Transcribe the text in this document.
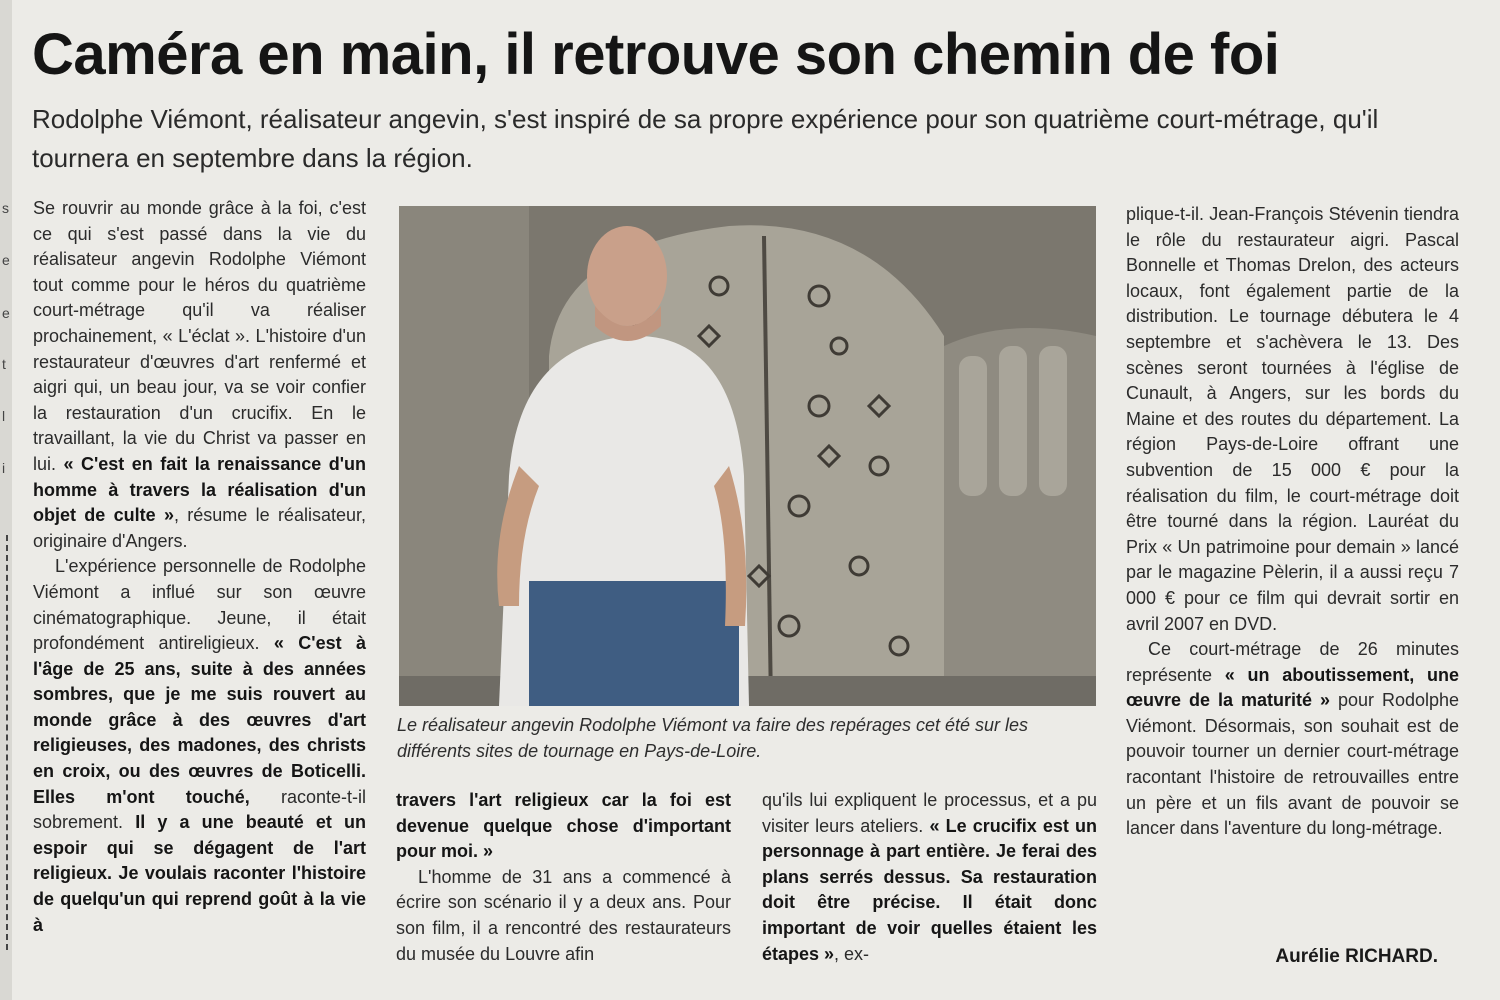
s
e
e
t
l
i
Caméra en main, il retrouve son chemin de foi
Rodolphe Viémont, réalisateur angevin, s'est inspiré de sa propre expérience pour son quatrième court-métrage, qu'il tournera en septembre dans la région.

Se rouvrir au monde grâce à la foi, c'est ce qui s'est passé dans la vie du réalisateur angevin Rodolphe Viémont tout comme pour le héros du quatrième court-métrage qu'il va réaliser prochainement, « L'éclat ». L'histoire d'un restaurateur d'œuvres d'art renfermé et aigri qui, un beau jour, va se voir confier la restauration d'un crucifix. En le travaillant, la vie du Christ va passer en lui. « C'est en fait la renaissance d'un homme à travers la réalisation d'un objet de culte », résume le réalisateur, originaire d'Angers.

L'expérience personnelle de Rodolphe Viémont a influé sur son œuvre cinématographique. Jeune, il était profondément antireligieux. « C'est à l'âge de 25 ans, suite à des années sombres, que je me suis rouvert au monde grâce à des œuvres d'art religieuses, des madones, des christs en croix, ou des œuvres de Boticelli. Elles m'ont touché, raconte-t-il sobrement. Il y a une beauté et un espoir qui se dégagent de l'art religieux. Je voulais raconter l'histoire de quelqu'un qui reprend goût à la vie à

Le réalisateur angevin Rodolphe Viémont va faire des repérages cet été sur les différents sites de tournage en Pays-de-Loire.

travers l'art religieux car la foi est devenue quelque chose d'important pour moi. »

L'homme de 31 ans a commencé à écrire son scénario il y a deux ans. Pour son film, il a rencontré des restaurateurs du musée du Louvre afin

qu'ils lui expliquent le processus, et a pu visiter leurs ateliers. « Le crucifix est un personnage à part entière. Je ferai des plans serrés dessus. Sa restauration doit être précise. Il était donc important de voir quelles étaient les étapes », ex-

plique-t-il. Jean-François Stévenin tiendra le rôle du restaurateur aigri. Pascal Bonnelle et Thomas Drelon, des acteurs locaux, font également partie de la distribution. Le tournage débutera le 4 septembre et s'achèvera le 13. Des scènes seront tournées à l'église de Cunault, à Angers, sur les bords du Maine et des routes du département. La région Pays-de-Loire offrant une subvention de 15 000 € pour la réalisation du film, le court-métrage doit être tourné dans la région. Lauréat du Prix « Un patrimoine pour demain » lancé par le magazine Pèlerin, il a aussi reçu 7 000 € pour ce film qui devrait sortir en avril 2007 en DVD.

Ce court-métrage de 26 minutes représente « un aboutissement, une œuvre de la maturité » pour Rodolphe Viémont. Désormais, son souhait est de pouvoir tourner un dernier court-métrage racontant l'histoire de retrouvailles entre un père et un fils avant de pouvoir se lancer dans l'aventure du long-métrage.

Aurélie RICHARD.
